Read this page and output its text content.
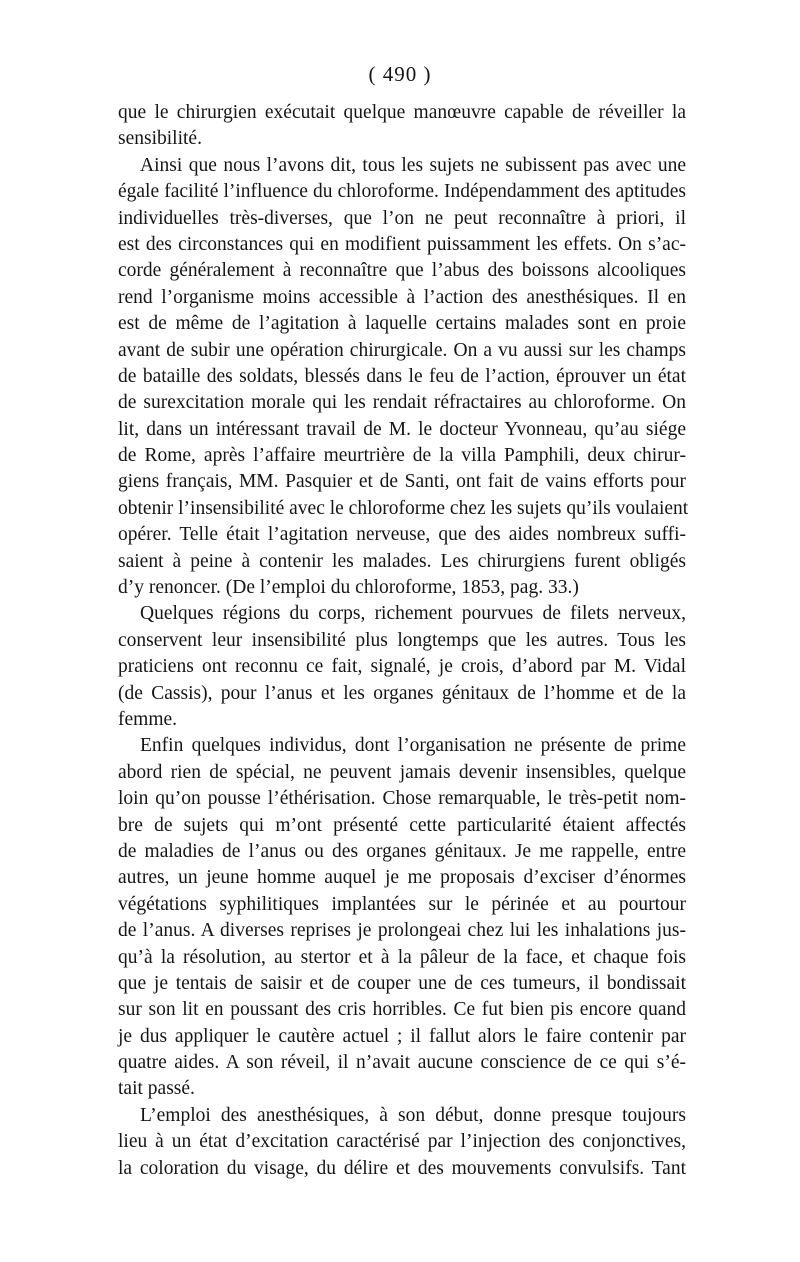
( 490 )
que le chirurgien exécutait quelque manœuvre capable de réveiller la
sensibilité.
Ainsi que nous l’avons dit, tous les sujets ne subissent pas avec une
égale facilité l’influence du chloroforme. Indépendamment des aptitudes
individuelles très-diverses, que l’on ne peut reconnaître à priori, il
est des circonstances qui en modifient puissamment les effets. On s’ac-
corde généralement à reconnaître que l’abus des boissons alcooliques
rend l’organisme moins accessible à l’action des anesthésiques. Il en
est de même de l’agitation à laquelle certains malades sont en proie
avant de subir une opération chirurgicale. On a vu aussi sur les champs
de bataille des soldats, blessés dans le feu de l’action, éprouver un état
de surexcitation morale qui les rendait réfractaires au chloroforme. On
lit, dans un intéressant travail de M. le docteur Yvonneau, qu’au siége
de Rome, après l’affaire meurtrière de la villa Pamphili, deux chirur-
giens français, MM. Pasquier et de Santi, ont fait de vains efforts pour
obtenir l’insensibilité avec le chloroforme chez les sujets qu’ils voulaient
opérer. Telle était l’agitation nerveuse, que des aides nombreux suffi-
saient à peine à contenir les malades. Les chirurgiens furent obligés
d’y renoncer. (De l’emploi du chloroforme, 1853, pag. 33.)
Quelques régions du corps, richement pourvues de filets nerveux,
conservent leur insensibilité plus longtemps que les autres. Tous les
praticiens ont reconnu ce fait, signalé, je crois, d’abord par M. Vidal
(de Cassis), pour l’anus et les organes génitaux de l’homme et de la
femme.
Enfin quelques individus, dont l’organisation ne présente de prime
abord rien de spécial, ne peuvent jamais devenir insensibles, quelque
loin qu’on pousse l’éthérisation. Chose remarquable, le très-petit nom-
bre de sujets qui m’ont présenté cette particularité étaient affectés
de maladies de l’anus ou des organes génitaux. Je me rappelle, entre
autres, un jeune homme auquel je me proposais d’exciser d’énormes
végétations syphilitiques implantées sur le périnée et au pourtour
de l’anus. A diverses reprises je prolongeai chez lui les inhalations jus-
qu’à la résolution, au stertor et à la pâleur de la face, et chaque fois
que je tentais de saisir et de couper une de ces tumeurs, il bondissait
sur son lit en poussant des cris horribles. Ce fut bien pis encore quand
je dus appliquer le cautère actuel ; il fallut alors le faire contenir par
quatre aides. A son réveil, il n’avait aucune conscience de ce qui s’é-
tait passé.
L’emploi des anesthésiques, à son début, donne presque toujours
lieu à un état d’excitation caractérisé par l’injection des conjonctives,
la coloration du visage, du délire et des mouvements convulsifs. Tant
